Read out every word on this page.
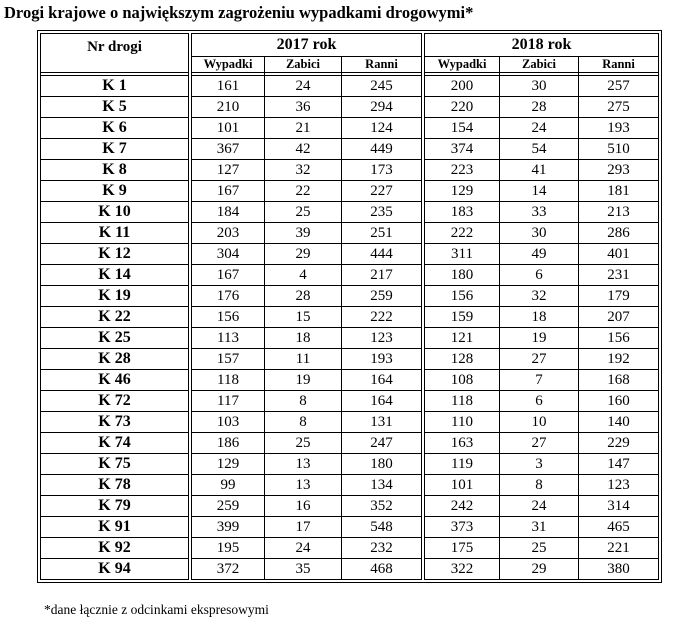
Drogi krajowe o największym zagrożeniu wypadkami drogowymi*
Nr drogi		2017 rok				2018 rok		
		Wypadki	Zabici	Ranni		Wypadki	Zabici	Ranni

K 1		161	24	245		200	30	257
K 5		210	36	294		220	28	275
K 6		101	21	124		154	24	193
K 7		367	42	449		374	54	510
K 8		127	32	173		223	41	293
K 9		167	22	227		129	14	181
K 10		184	25	235		183	33	213
K 11		203	39	251		222	30	286
K 12		304	29	444		311	49	401
K 14		167	4	217		180	6	231
K 19		176	28	259		156	32	179
K 22		156	15	222		159	18	207
K 25		113	18	123		121	19	156
K 28		157	11	193		128	27	192
K 46		118	19	164		108	7	168
K 72		117	8	164		118	6	160
K 73		103	8	131		110	10	140
K 74		186	25	247		163	27	229
K 75		129	13	180		119	3	147
K 78		99	13	134		101	8	123
K 79		259	16	352		242	24	314
K 91		399	17	548		373	31	465
K 92		195	24	232		175	25	221
K 94		372	35	468		322	29	380
*dane łącznie z odcinkami ekspresowymi
